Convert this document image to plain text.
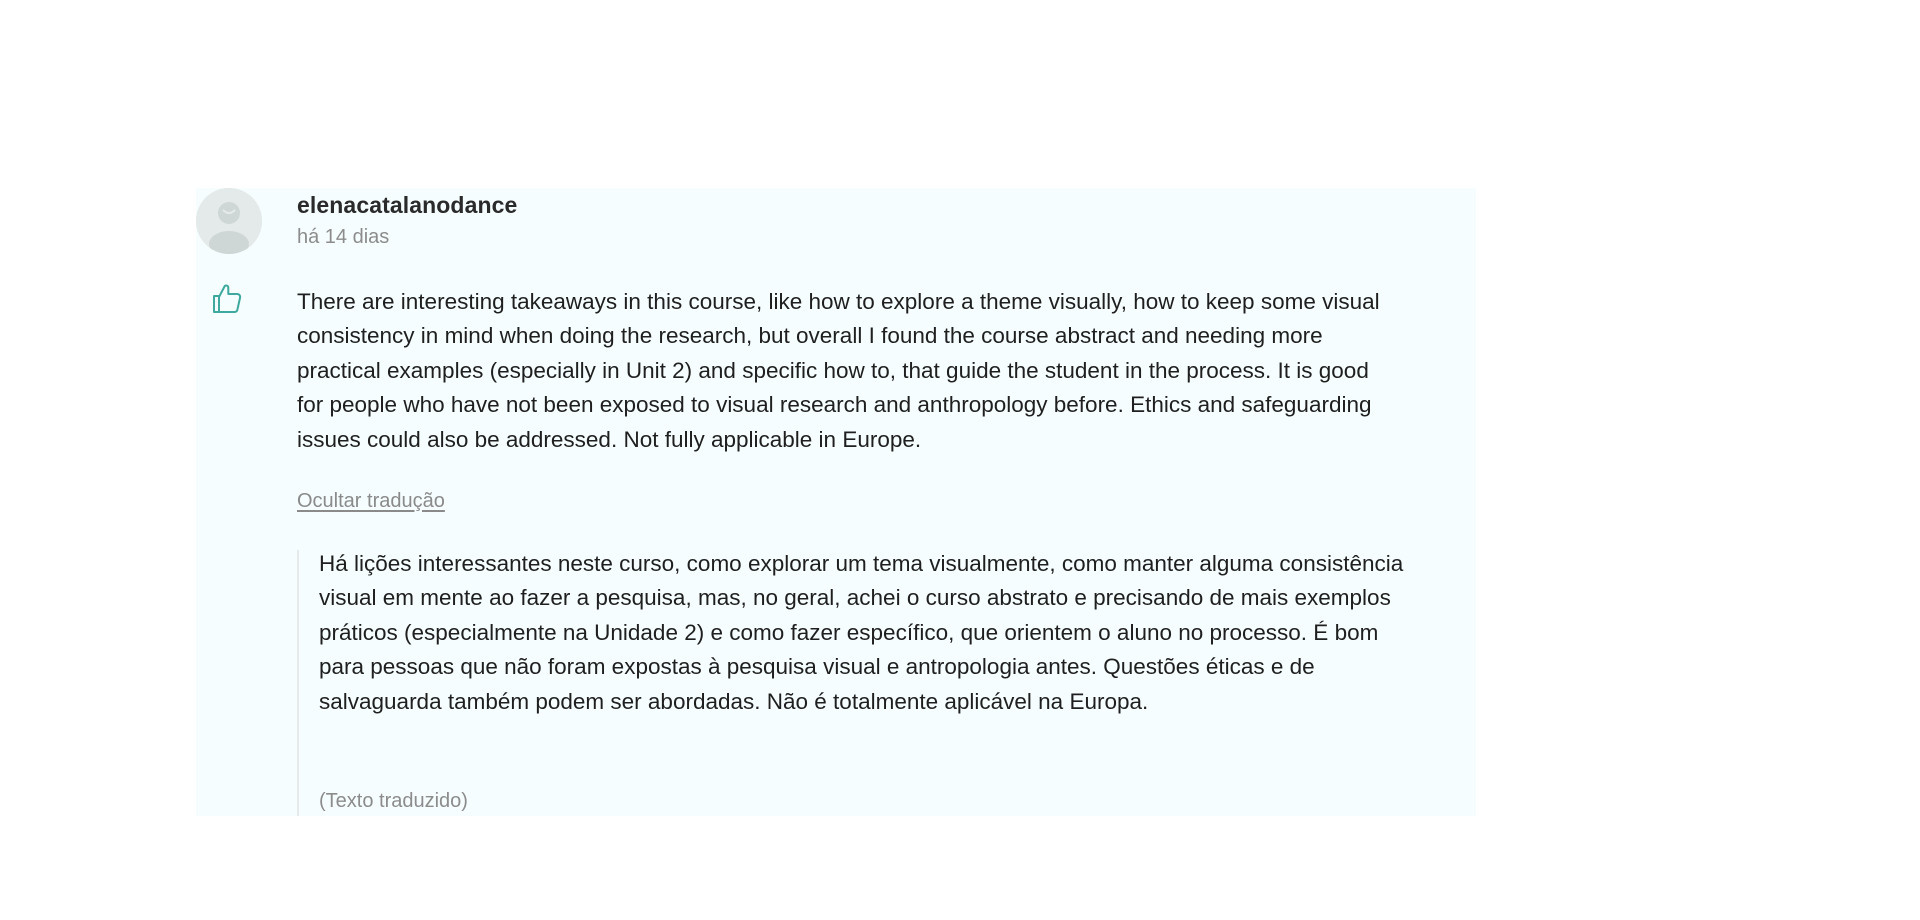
elenacatalanodance
há 14 dias

There are interesting takeaways in this course, like how to explore a theme visually, how to keep some visual consistency in mind when doing the research, but overall I found the course abstract and needing more practical examples (especially in Unit 2) and specific how to, that guide the student in the process. It is good for people who have not been exposed to visual research and anthropology before. Ethics and safeguarding issues could also be addressed. Not fully applicable in Europe.

Ocultar tradução

Há lições interessantes neste curso, como explorar um tema visualmente, como manter alguma consistência visual em mente ao fazer a pesquisa, mas, no geral, achei o curso abstrato e precisando de mais exemplos práticos (especialmente na Unidade 2) e como fazer específico, que orientem o aluno no processo. É bom para pessoas que não foram expostas à pesquisa visual e antropologia antes. Questões éticas e de salvaguarda também podem ser abordadas. Não é totalmente aplicável na Europa.

(Texto traduzido)
